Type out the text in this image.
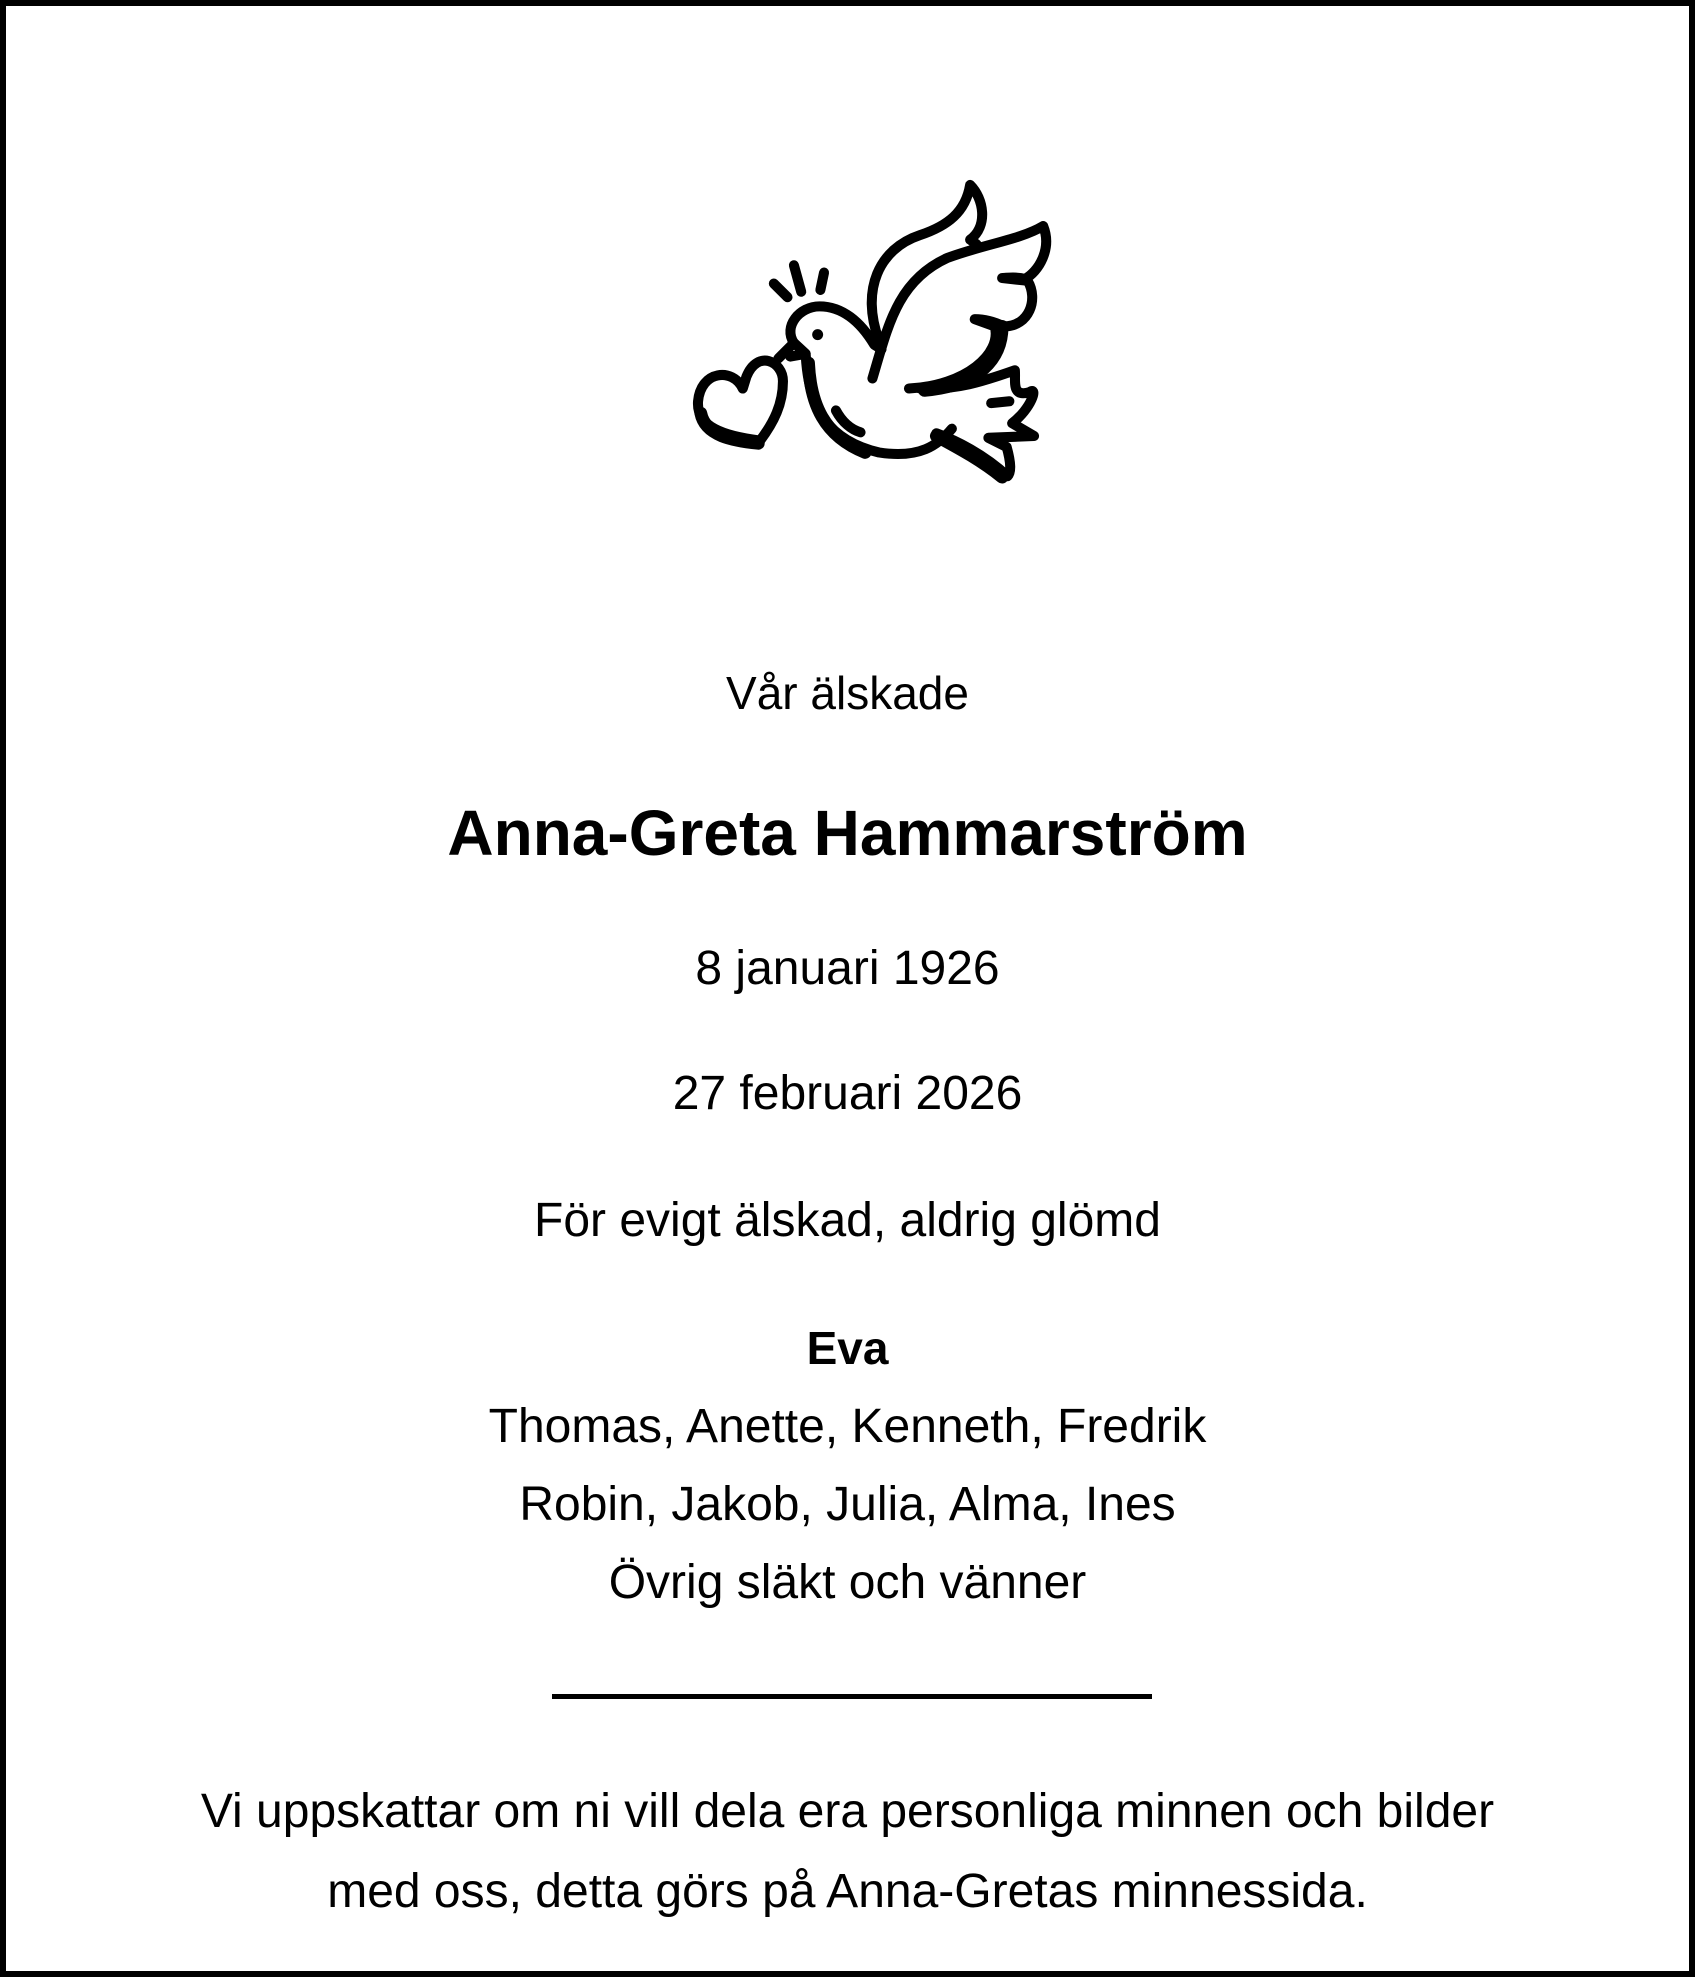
Vår älskade
Anna-Greta Hammarström
8 januari 1926
27 februari 2026
För evigt älskad, aldrig glömd
Eva
Thomas, Anette, Kenneth, Fredrik
Robin, Jakob, Julia, Alma, Ines
Övrig släkt och vänner
Vi uppskattar om ni vill dela era personliga minnen och bilder
med oss, detta görs på Anna-Gretas minnessida.
